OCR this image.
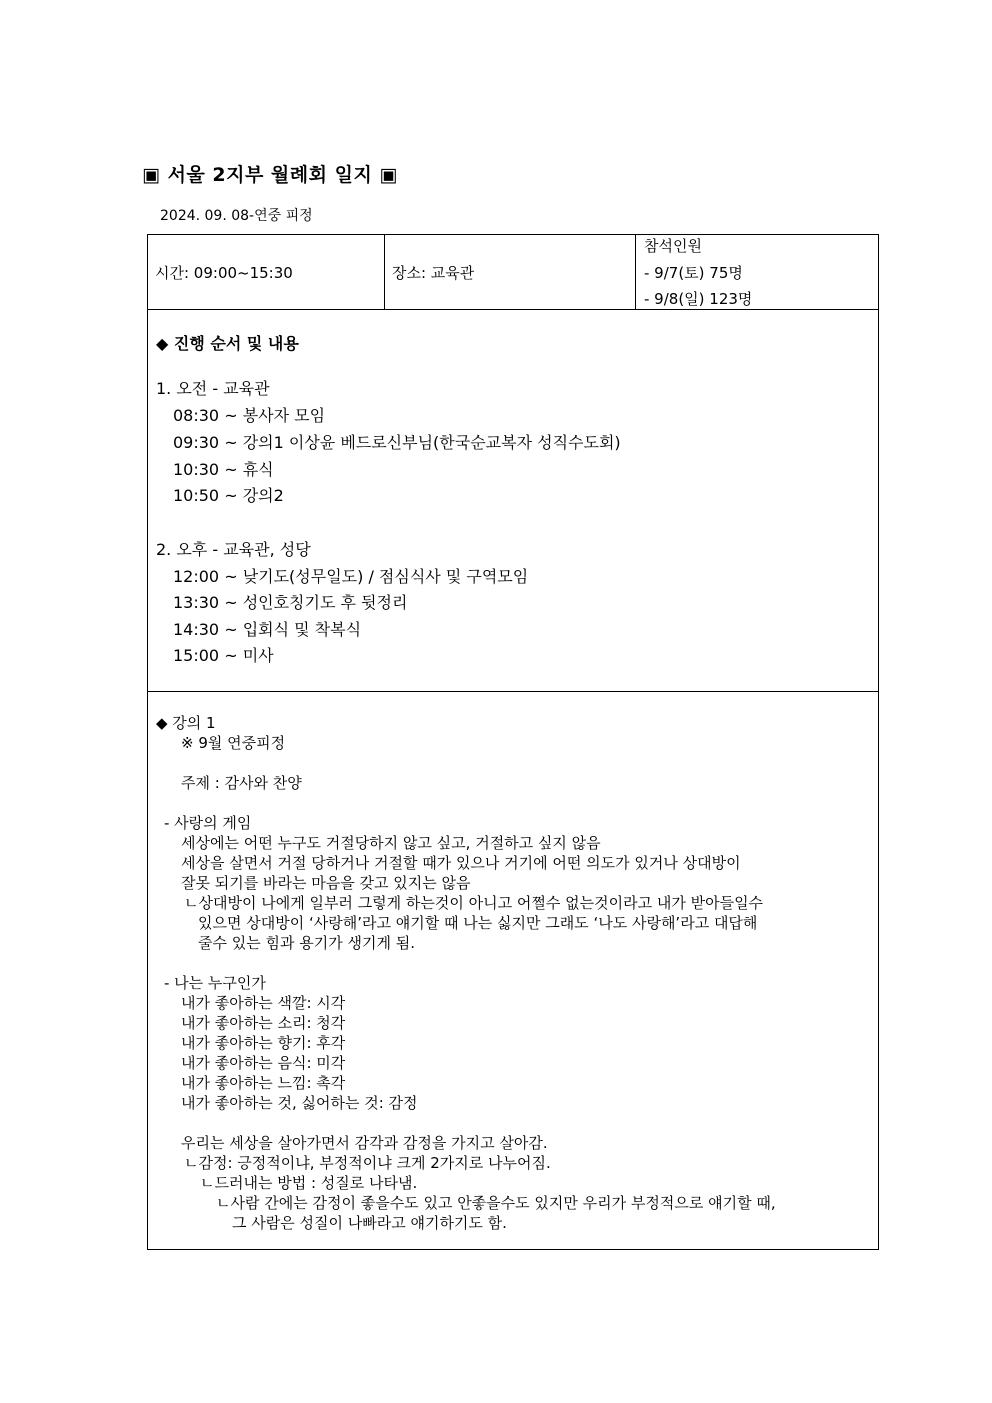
▣ 서울 2지부 월례회 일지 ▣
2024. 09. 08-연중 피정
시간: 09:00~15:30	장소: 교육관
참석인원
- 9/7(토) 75명
- 9/8(일) 123명
◆ 진행 순서 및 내용
1. 오전 - 교육관
08:30 ~ 봉사자 모임
09:30 ~ 강의1 이상윤 베드로신부님(한국순교복자 성직수도회)
10:30 ~ 휴식
10:50 ~ 강의2
2. 오후 - 교육관, 성당
12:00 ~ 낮기도(성무일도) / 점심식사 및 구역모임
13:30 ~ 성인호칭기도 후 뒷정리
14:30 ~ 입회식 및 착복식
15:00 ~ 미사
◆ 강의 1
※ 9월 연중피정
주제 : 감사와 찬양
- 사랑의 게임
세상에는 어떤 누구도 거절당하지 않고 싶고, 거절하고 싶지 않음
세상을 살면서 거절 당하거나 거절할 때가 있으나 거기에 어떤 의도가 있거나 상대방이
잘못 되기를 바라는 마음을 갖고 있지는 않음
ㄴ상대방이 나에게 일부러 그렇게 하는것이 아니고 어쩔수 없는것이라고 내가 받아들일수
있으면 상대방이 ‘사랑해’라고 얘기할 때 나는 싫지만 그래도 ‘나도 사랑해’라고 대답해
줄수 있는 힘과 용기가 생기게 됨.
- 나는 누구인가
내가 좋아하는 색깔: 시각
내가 좋아하는 소리: 청각
내가 좋아하는 향기: 후각
내가 좋아하는 음식: 미각
내가 좋아하는 느낌: 촉각
내가 좋아하는 것, 싫어하는 것: 감정
우리는 세상을 살아가면서 감각과 감정을 가지고 살아감.
ㄴ감정: 긍정적이냐, 부정적이냐 크게 2가지로 나누어짐.
ㄴ드러내는 방법 : 성질로 나타냄.
ㄴ사람 간에는 감정이 좋을수도 있고 안좋을수도 있지만 우리가 부정적으로 얘기할 때,
그 사람은 성질이 나빠라고 얘기하기도 함.
